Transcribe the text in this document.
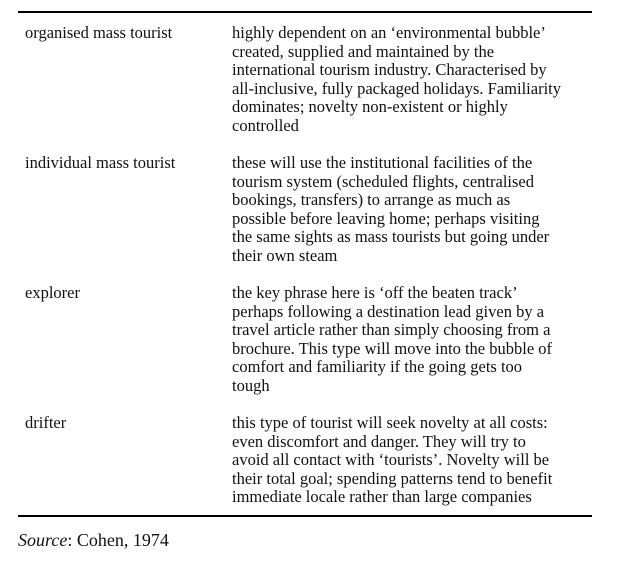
organised mass tourist	highly dependent on an ‘environmental bubble’
created, supplied and maintained by the
international tourism industry. Characterised by
all-inclusive, fully packaged holidays. Familiarity
dominates; novelty non-existent or highly
controlled
individual mass tourist	these will use the institutional facilities of the
tourism system (scheduled flights, centralised
bookings, transfers) to arrange as much as
possible before leaving home; perhaps visiting
the same sights as mass tourists but going under
their own steam
explorer	the key phrase here is ‘off the beaten track’
perhaps following a destination lead given by a
travel article rather than simply choosing from a
brochure. This type will move into the bubble of
comfort and familiarity if the going gets too
tough
drifter	this type of tourist will seek novelty at all costs:
even discomfort and danger. They will try to
avoid all contact with ‘tourists’. Novelty will be
their total goal; spending patterns tend to benefit
immediate locale rather than large companies
Source: Cohen, 1974
